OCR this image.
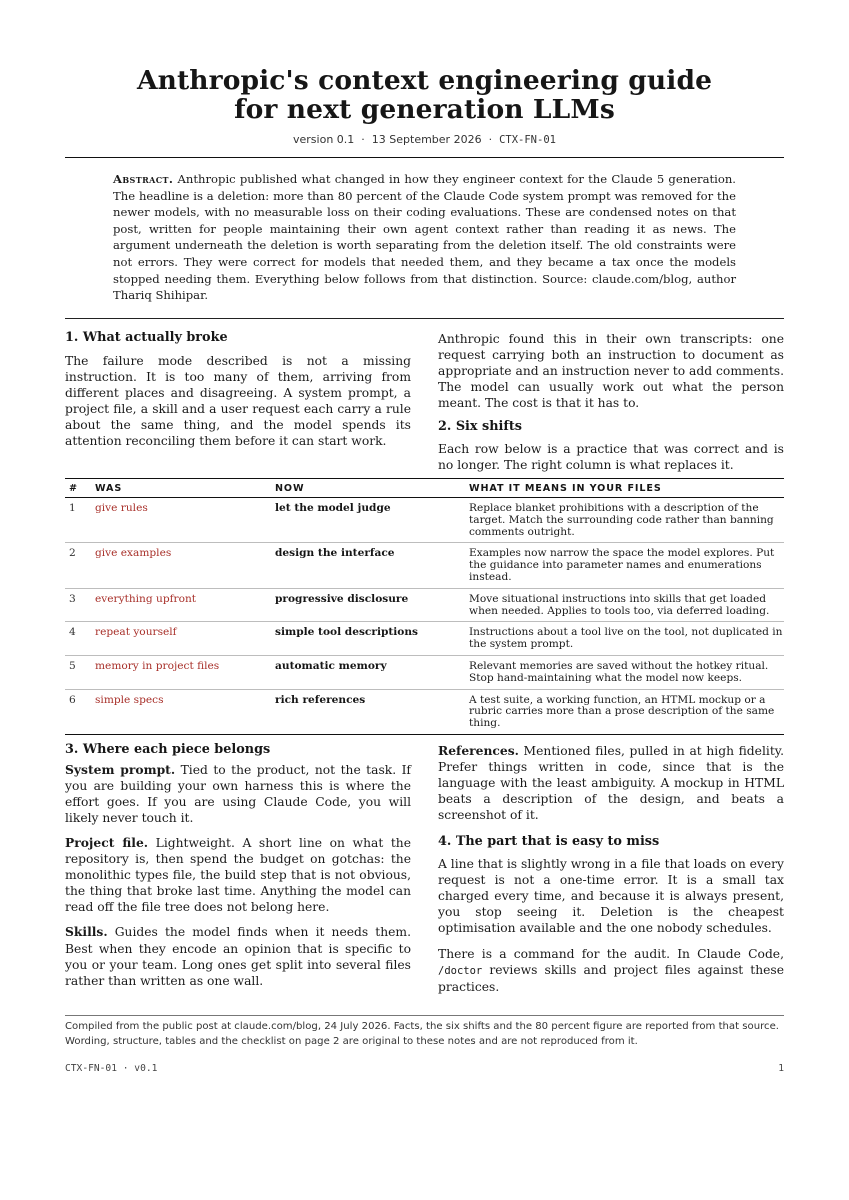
Anthropic's context engineering guide
for next generation LLMs
version 0.1 · 13 September 2026 · CTX-FN-01
Abstract. Anthropic published what changed in how they engineer context for the Claude 5 generation. The headline is a deletion: more than 80 percent of the Claude Code system prompt was removed for the newer models, with no measurable loss on their coding evaluations. These are condensed notes on that post, written for people maintaining their own agent context rather than reading it as news. The argument underneath the deletion is worth separating from the deletion itself. The old constraints were not errors. They were correct for models that needed them, and they became a tax once the models stopped needing them. Everything below follows from that distinction. Source: claude.com/blog, author Thariq Shihipar.
1. What actually broke

The failure mode described is not a missing instruction. It is too many of them, arriving from different places and disagreeing. A system prompt, a project file, a skill and a user request each carry a rule about the same thing, and the model spends its attention reconciling them before it can start work.

Anthropic found this in their own transcripts: one request carrying both an instruction to document as appropriate and an instruction never to add comments. The model can usually work out what the person meant. The cost is that it has to.

2. Six shifts

Each row below is a practice that was correct and is no longer. The right column is what replaces it.

#	WAS	NOW	WHAT IT MEANS IN YOUR FILES
1	give rules	let the model judge	Replace blanket prohibitions with a description of the target. Match the surrounding code rather than banning comments outright.
2	give examples	design the interface	Examples now narrow the space the model explores. Put the guidance into parameter names and enumerations instead.
3	everything upfront	progressive disclosure	Move situational instructions into skills that get loaded when needed. Applies to tools too, via deferred loading.
4	repeat yourself	simple tool descriptions	Instructions about a tool live on the tool, not duplicated in the system prompt.
5	memory in project files	automatic memory	Relevant memories are saved without the hotkey ritual. Stop hand-maintaining what the model now keeps.
6	simple specs	rich references	A test suite, a working function, an HTML mockup or a rubric carries more than a prose description of the same thing.
3. Where each piece belongs

System prompt. Tied to the product, not the task. If you are building your own harness this is where the effort goes. If you are using Claude Code, you will likely never touch it.

Project file. Lightweight. A short line on what the repository is, then spend the budget on gotchas: the monolithic types file, the build step that is not obvious, the thing that broke last time. Anything the model can read off the file tree does not belong here.

Skills. Guides the model finds when it needs them. Best when they encode an opinion that is specific to you or your team. Long ones get split into several files rather than written as one wall.

References. Mentioned files, pulled in at high fidelity. Prefer things written in code, since that is the language with the least ambiguity. A mockup in HTML beats a description of the design, and beats a screenshot of it.

4. The part that is easy to miss

A line that is slightly wrong in a file that loads on every request is not a one-time error. It is a small tax charged every time, and because it is always present, you stop seeing it. Deletion is the cheapest optimisation available and the one nobody schedules.

There is a command for the audit. In Claude Code, /doctor reviews skills and project files against these practices.

Compiled from the public post at claude.com/blog, 24 July 2026. Facts, the six shifts and the 80 percent figure are reported from that source.
Wording, structure, tables and the checklist on page 2 are original to these notes and are not reproduced from it.
CTX-FN-01 · v0.1	1
